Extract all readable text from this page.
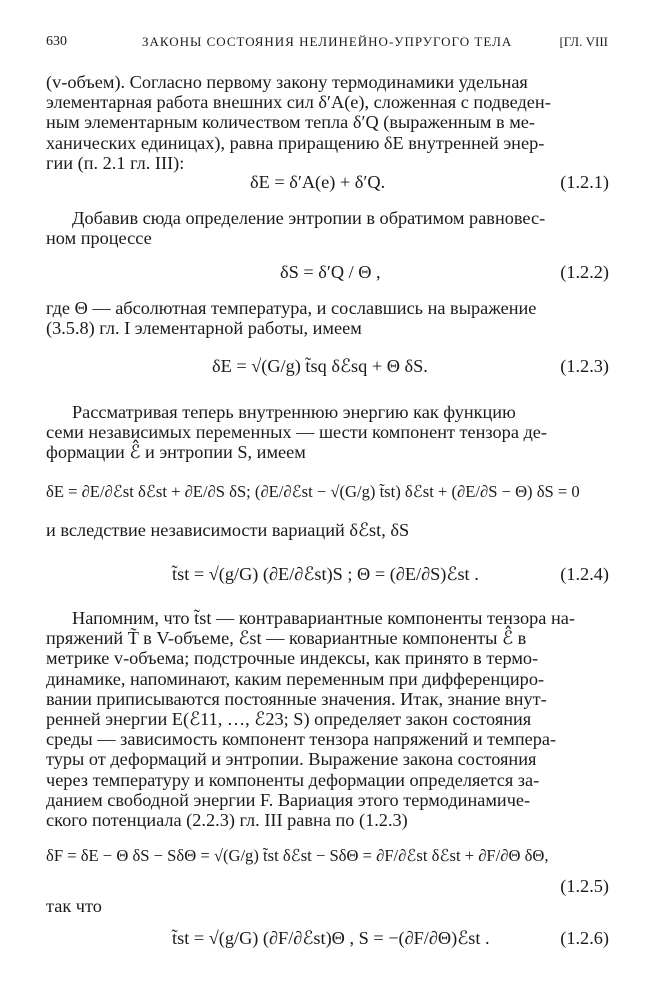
630	ЗАКОНЫ СОСТОЯНИЯ НЕЛИНЕЙНО-УПРУГОГО ТЕЛА	[ГЛ. VIII
(v-объем). Согласно первому закону термодинамики удельная
элементарная работа внешних сил δ′A(e), сложенная с подведен-
ным элементарным количеством тепла δ′Q (выраженным в ме-
ханических единицах), равна приращению δE внутренней энер-
гии (п. 2.1 гл. III):
δE = δ′A(e) + δ′Q.	(1.2.1)
Добавив сюда определение энтропии в обратимом равновес-
ном процессе
δS = δ′Q / Θ ,	(1.2.2)
где Θ — абсолютная температура, и сославшись на выражение
(3.5.8) гл. I элементарной работы, имеем
δE = √(G/g) t̃sq δℰsq + Θ δS.	(1.2.3)
Рассматривая теперь внутреннюю энергию как функцию
семи независимых переменных — шести компонент тензора де-
формации ℰ̂ и энтропии S, имеем
δE = ∂E/∂ℰst δℰst + ∂E/∂S δS; (∂E/∂ℰst − √(G/g) t̃st) δℰst + (∂E/∂S − Θ) δS = 0
и вследствие независимости вариаций δℰst, δS
t̃st = √(g/G) (∂E/∂ℰst)S ; Θ = (∂E/∂S)ℰst .	(1.2.4)
Напомним, что t̃st — контравариантные компоненты тензора на-
пряжений T̃ в V-объеме, ℰst — ковариантные компоненты ℰ̂ в
метрике v-объема; подстрочные индексы, как принято в термо-
динамике, напоминают, каким переменным при дифференциро-
вании приписываются постоянные значения. Итак, знание внут-
ренней энергии E(ℰ11, …, ℰ23; S) определяет закон состояния
среды — зависимость компонент тензора напряжений и темпера-
туры от деформаций и энтропии. Выражение закона состояния
через температуру и компоненты деформации определяется за-
данием свободной энергии F. Вариация этого термодинамиче-
ского потенциала (2.2.3) гл. III равна по (1.2.3)
δF = δE − Θ δS − SδΘ = √(G/g) t̃st δℰst − SδΘ = ∂F/∂ℰst δℰst + ∂F/∂Θ δΘ,
(1.2.5)
так что
t̃st = √(g/G) (∂F/∂ℰst)Θ , S = −(∂F/∂Θ)ℰst .	(1.2.6)
